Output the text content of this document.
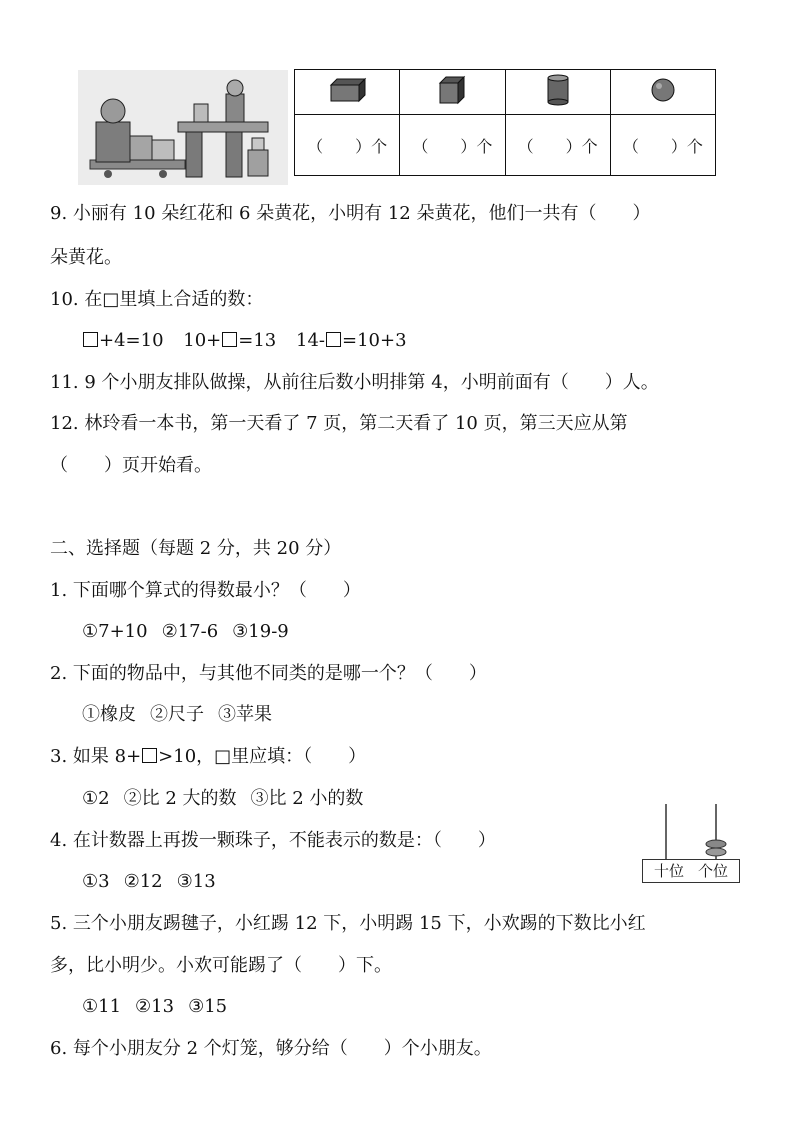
（　　）个	（　　）个	（　　）个	（　　）个
9. 小丽有 10 朵红花和 6 朵黄花，小明有 12 朵黄花，他们一共有（　　）
朵黄花。
10. 在□里填上合适的数：
+4=10 10+ =13 14- =10+3
11. 9 个小朋友排队做操，从前往后数小明排第 4，小明前面有（　　）人。
12. 林玲看一本书，第一天看了 7 页，第二天看了 10 页，第三天应从第
（　　）页开始看。
二、选择题（每题 2 分，共 20 分）
1. 下面哪个算式的得数最小？（　　）
①7+10 ②17-6 ③19-9
2. 下面的物品中，与其他不同类的是哪一个？（　　）
①橡皮 ②尺子 ③苹果
3. 如果 8+ >10，□里应填：（　　）
①2 ②比 2 大的数 ③比 2 小的数
4. 在计数器上再拨一颗珠子，不能表示的数是：（　　）
①3 ②12 ③13	十位 个位
5. 三个小朋友踢毽子，小红踢 12 下，小明踢 15 下，小欢踢的下数比小红
多，比小明少。小欢可能踢了（　　）下。
①11 ②13 ③15
6. 每个小朋友分 2 个灯笼，够分给（　　）个小朋友。
